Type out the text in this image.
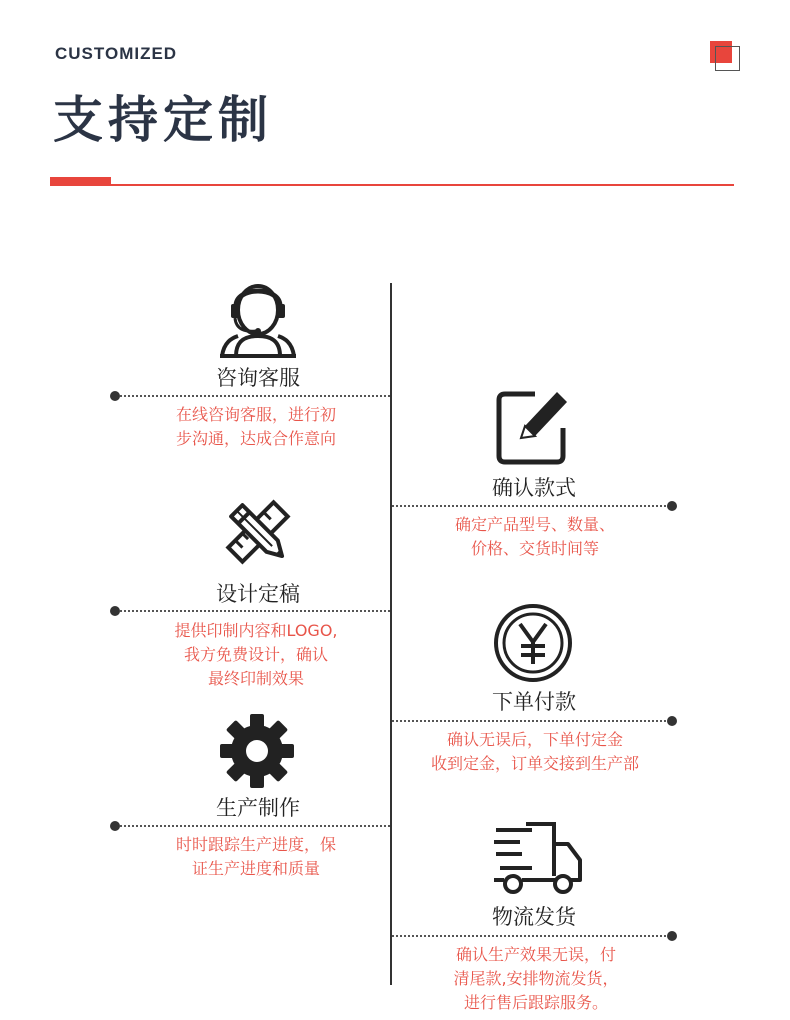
CUSTOMIZED
支持定制
咨询客服
在线咨询客服，进行初
步沟通，达成合作意向
确认款式
确定产品型号、数量、
价格、交货时间等
设计定稿
提供印制内容和LOGO,
我方免费设计，确认
最终印制效果
下单付款
确认无误后，下单付定金
收到定金，订单交接到生产部
生产制作
时时跟踪生产进度，保
证生产进度和质量
物流发货
确认生产效果无误，付
清尾款,安排物流发货，
进行售后跟踪服务。
